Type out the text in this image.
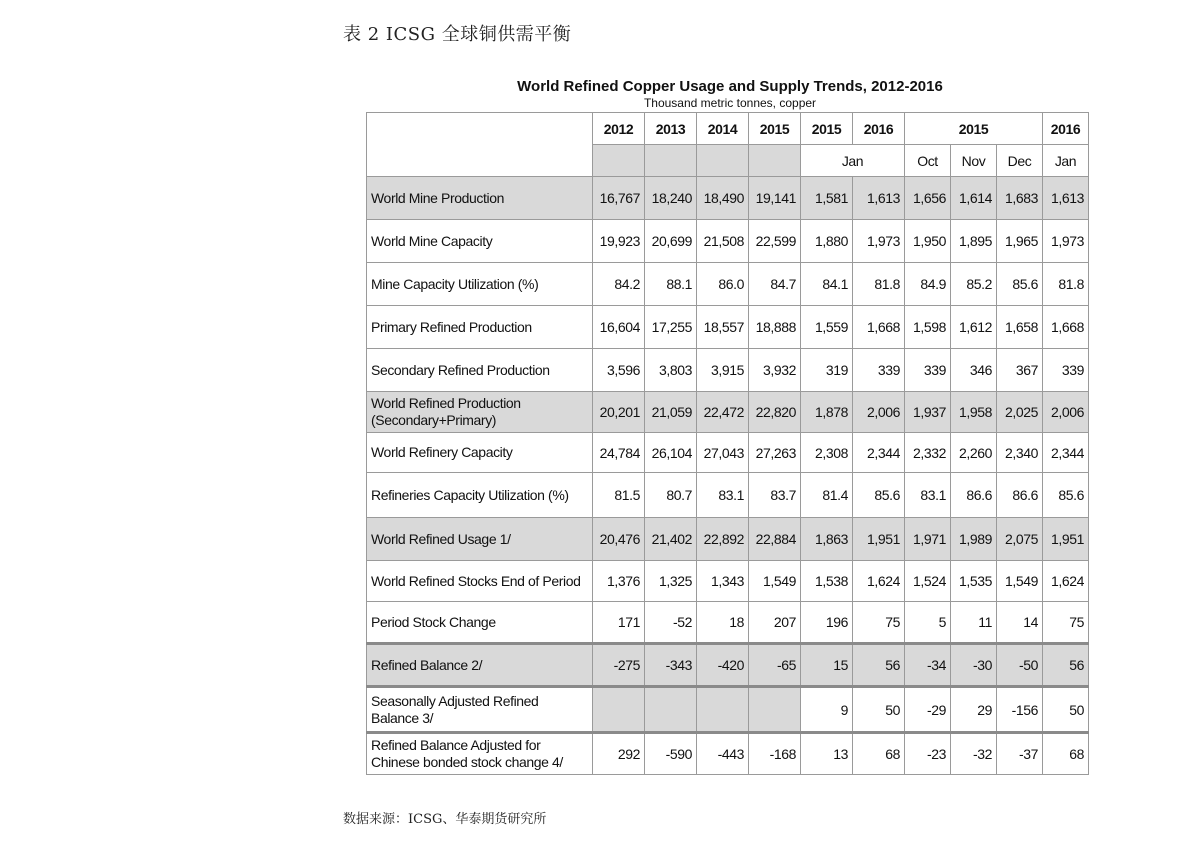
表 2 ICSG 全球铜供需平衡
World Refined Copper Usage and Supply Trends, 2012-2016
Thousand metric tonnes, copper
	2012	2013	2014	2015	2015	2016	2015			2016
					Jan		Oct	Nov	Dec	Jan
World Mine Production	16,767	18,240	18,490	19,141	1,581	1,613	1,656	1,614	1,683	1,613
World Mine Capacity	19,923	20,699	21,508	22,599	1,880	1,973	1,950	1,895	1,965	1,973
Mine Capacity Utilization (%)	84.2	88.1	86.0	84.7	84.1	81.8	84.9	85.2	85.6	81.8
Primary Refined Production	16,604	17,255	18,557	18,888	1,559	1,668	1,598	1,612	1,658	1,668
Secondary Refined Production	3,596	3,803	3,915	3,932	319	339	339	346	367	339
World Refined Production (Secondary+Primary)	20,201	21,059	22,472	22,820	1,878	2,006	1,937	1,958	2,025	2,006
World Refinery Capacity	24,784	26,104	27,043	27,263	2,308	2,344	2,332	2,260	2,340	2,344
Refineries Capacity Utilization (%)	81.5	80.7	83.1	83.7	81.4	85.6	83.1	86.6	86.6	85.6
World Refined Usage 1/	20,476	21,402	22,892	22,884	1,863	1,951	1,971	1,989	2,075	1,951
World Refined Stocks End of Period	1,376	1,325	1,343	1,549	1,538	1,624	1,524	1,535	1,549	1,624
Period Stock Change	171	-52	18	207	196	75	5	11	14	75
Refined Balance 2/	-275	-343	-420	-65	15	56	-34	-30	-50	56
Seasonally Adjusted Refined Balance 3/					9	50	-29	29	-156	50
Refined Balance Adjusted for Chinese bonded stock change 4/	292	-590	-443	-168	13	68	-23	-32	-37	68
数据来源：ICSG、华泰期货研究所
